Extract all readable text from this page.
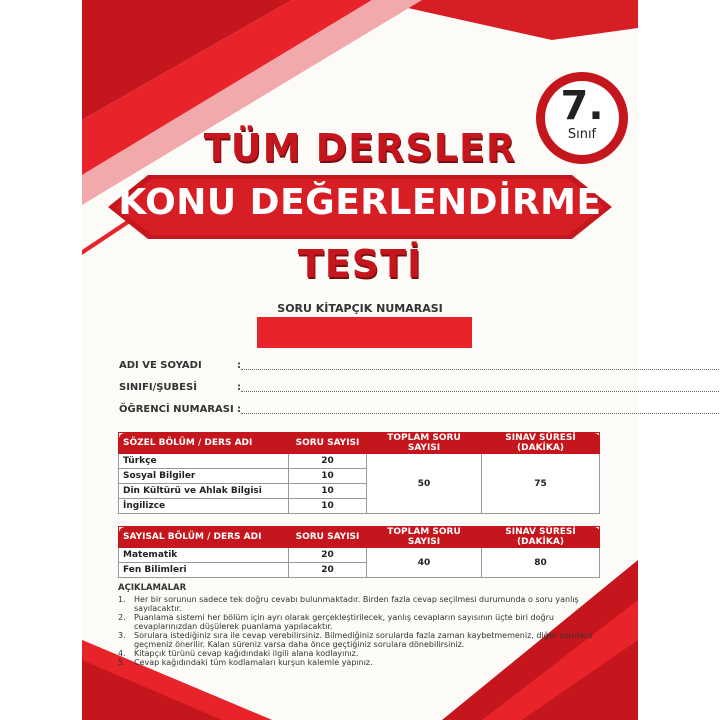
7.
Sınıf
TÜM DERSLER
KONU DEĞERLENDİRME
TESTİ
SORU KİTAPÇIK NUMARASI
ADI VE SOYADI	:
SINIFI/ŞUBESİ	:
ÖĞRENCİ NUMARASI :
SÖZEL BÖLÜM / DERS ADI	SORU SAYISI	TOPLAM SORU SAYISI	SINAV SÜRESİ (DAKİKA)
Türkçe	20	50	75
Sosyal Bilgiler	10		
Din Kültürü ve Ahlak Bilgisi	10		
İngilizce	10		
SAYISAL BÖLÜM / DERS ADI	SORU SAYISI	TOPLAM SORU SAYISI	SINAV SÜRESİ (DAKİKA)
Matematik	20	40	80
Fen Bilimleri	20		
AÇIKLAMALAR
1. Her bir sorunun sadece tek doğru cevabı bulunmaktadır. Birden fazla cevap seçilmesi durumunda o soru yanlış sayılacaktır.
2. Puanlama sistemi her bölüm için ayrı olarak gerçekleştirilecek, yanlış cevapların sayısının üçte biri doğru cevaplarınızdan düşülerek puanlama yapılacaktır.
3. Sorulara istediğiniz sıra ile cevap verebilirsiniz. Bilmediğiniz sorularda fazla zaman kaybetmemeniz, diğer sorulara geçmeniz önerilir. Kalan süreniz varsa daha önce geçtiğiniz sorulara dönebilirsiniz.
4. Kitapçık türünü cevap kağıdındaki ilgili alana kodlayınız.
5. Cevap kağıdındaki tüm kodlamaları kurşun kalemle yapınız.
